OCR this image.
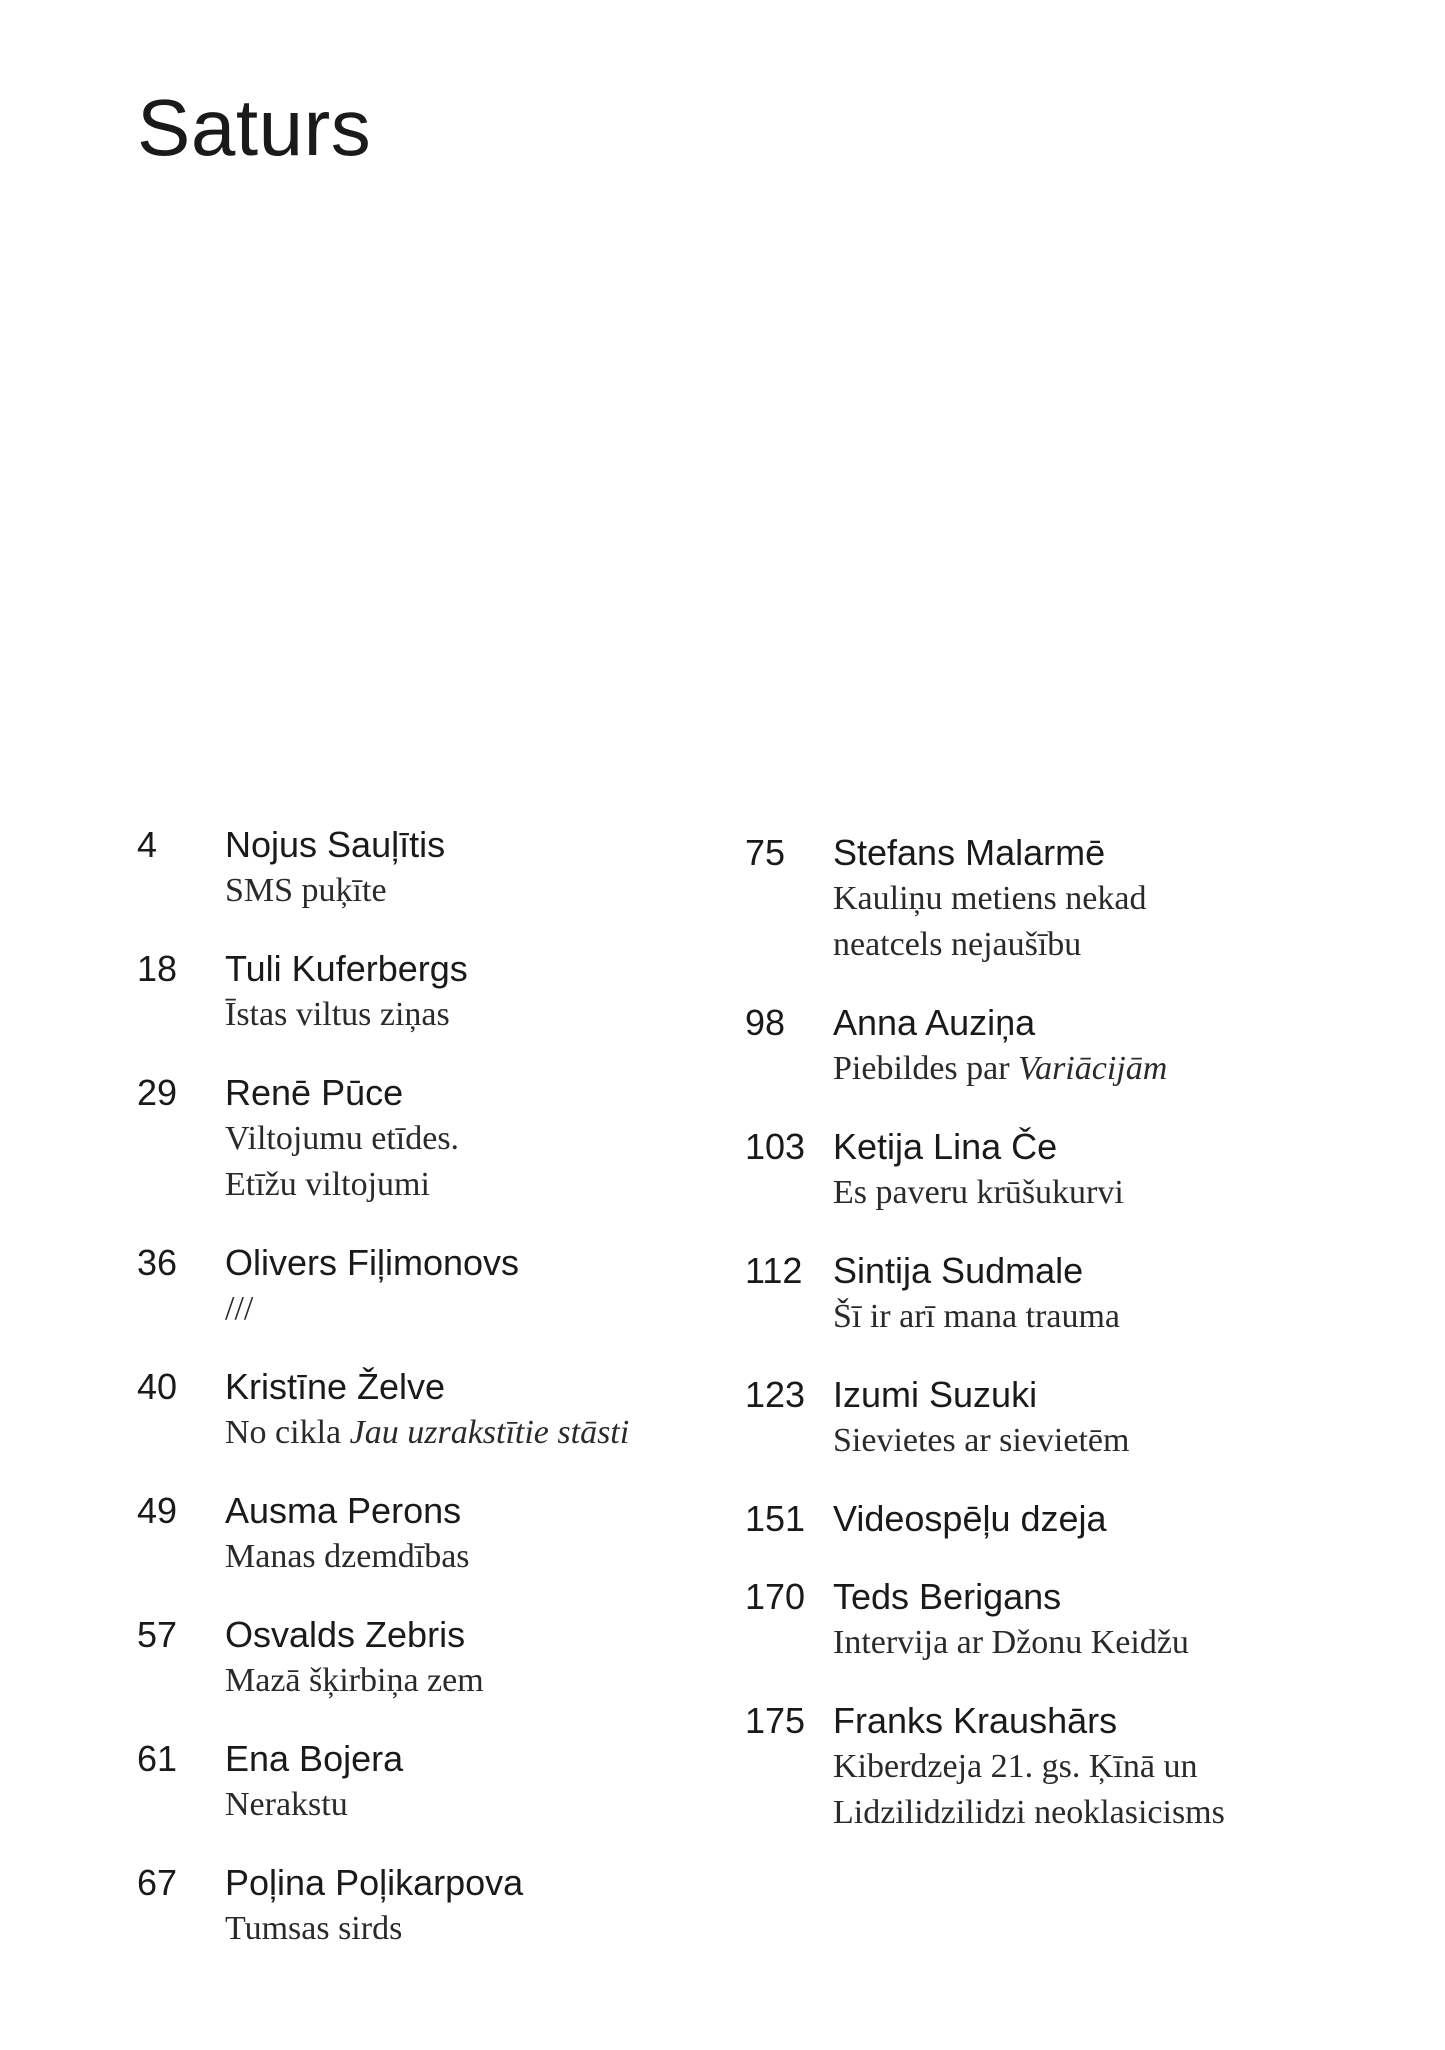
Saturs
4	Nojus Sauļītis
SMS puķīte
18	Tuli Kuferbergs
Īstas viltus ziņas
29	Renē Pūce
Viltojumu etīdes.
Etīžu viltojumi
36	Olivers Fiļimonovs
///
40	Kristīne Želve
No cikla Jau uzrakstītie stāsti
49	Ausma Perons
Manas dzemdības
57	Osvalds Zebris
Mazā šķirbiņa zem
61	Ena Bojera
Nerakstu
67	Poļina Poļikarpova
Tumsas sirds
75	Stefans Malarmē
Kauliņu metiens nekad
neatcels nejaušību
98	Anna Auziņa
Piebildes par Variācijām
103 Ketija Lina Če
Es paveru krūšukurvi
112 Sintija Sudmale
Šī ir arī mana trauma
123 Izumi Suzuki
Sievietes ar sievietēm
151 Videospēļu dzeja
170 Teds Berigans
Intervija ar Džonu Keidžu
175 Franks Kraushārs
Kiberdzeja 21. gs. Ķīnā un
Lidzilidzilidzi neoklasicisms
